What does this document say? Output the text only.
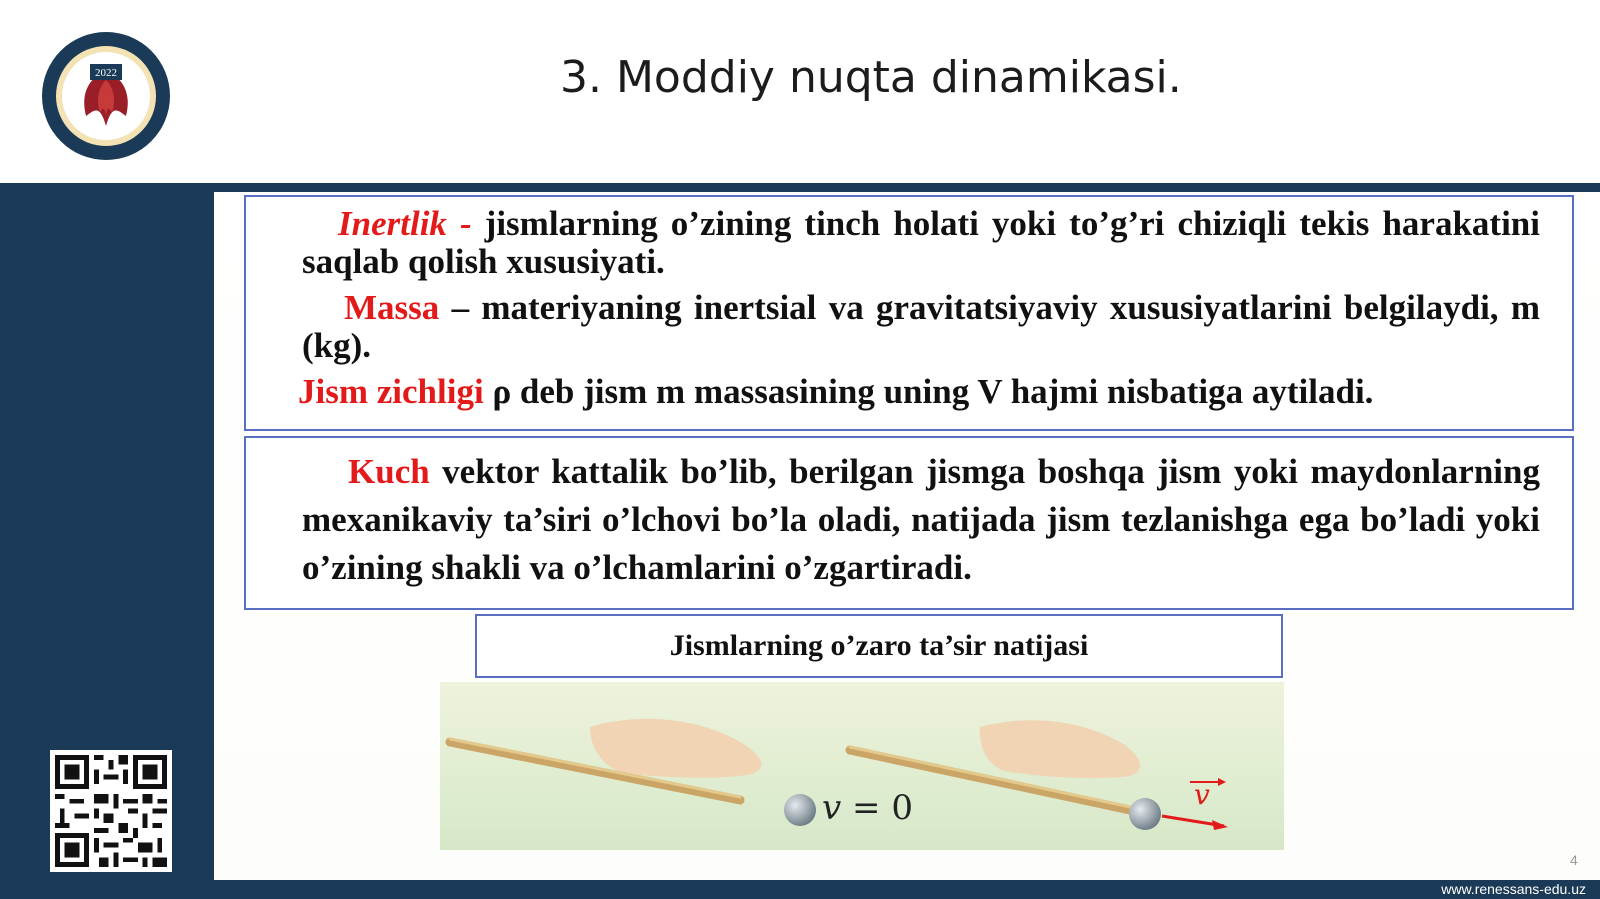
2022	3. Moddiy nuqta dinamikasi.

Inertlik - jismlarning o’zining tinch holati yoki to’g’ri chiziqli tekis harakatini saqlab qolish xususiyati.

Massa – materiyaning inertsial va gravitatsiyaviy xususiyatlarini belgilaydi, m (kg).

Jism zichligi ρ deb jism m massasining uning V hajmi nisbatiga aytiladi.

Kuch vektor kattalik bo’lib, berilgan jismga boshqa jism yoki maydonlarning mexanikaviy ta’siri o’lchovi bo’la oladi, natijada jism tezlanishga ega bo’ladi yoki o’zining shakli va o’lchamlarini o’zgartiradi.

Jismlarning o’zaro ta’sir natijasi
v = 0	v
4
www.renessans-edu.uz
